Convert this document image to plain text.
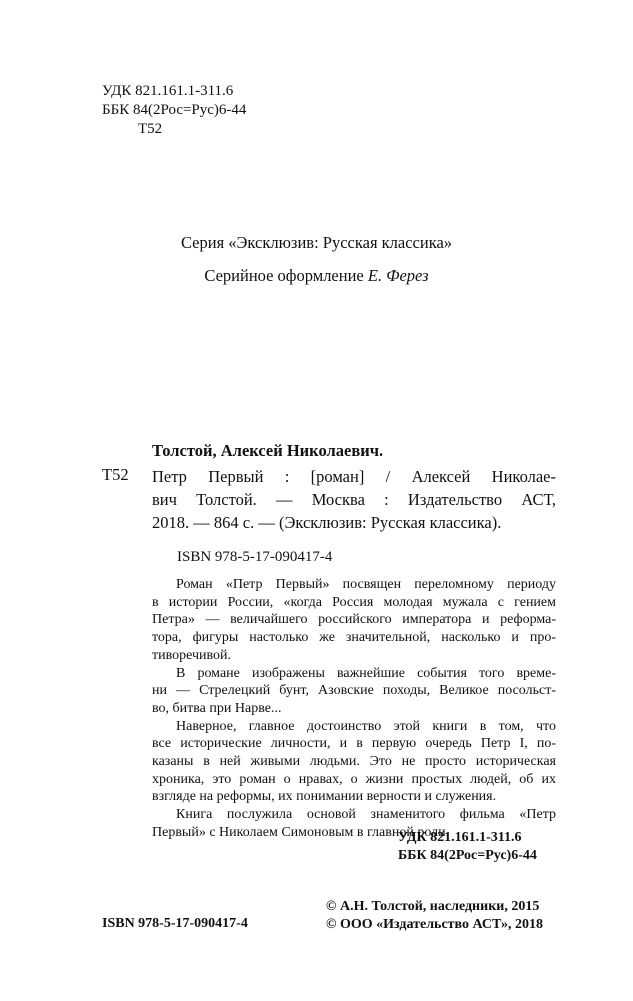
УДК 821.161.1-311.6
ББК 84(2Рос=Рус)6-44
Т52
Серия «Эксклюзив: Русская классика»
Серийное оформление Е. Ферез
Толстой, Алексей Николаевич.
Т52 Петр Первый : [роман] / Алексей Николае-
вич Толстой. — Москва : Издательство АСТ,
2018. — 864 с. — (Эксклюзив: Русская классика).
ISBN 978-5-17-090417-4
Роман «Петр Первый» посвящен переломному периоду
в истории России, «когда Россия молодая мужала с гением
Петра» — величайшего российского императора и реформа-
тора, фигуры настолько же значительной, насколько и про-
тиворечивой.
В романе изображены важнейшие события того време-
ни — Стрелецкий бунт, Азовские походы, Великое посольст-
во, битва при Нарве...
Наверное, главное достоинство этой книги в том, что
все исторические личности, и в первую очередь Петр I, по-
казаны в ней живыми людьми. Это не просто историческая
хроника, это роман о нравах, о жизни простых людей, об их
взгляде на реформы, их понимании верности и служения.
Книга послужила основой знаменитого фильма «Петр
Первый» с Николаем Симоновым в главной роли.
УДК 821.161.1-311.6
ББК 84(2Рос=Рус)6-44
© А.Н. Толстой, наследники, 2015
© ООО «Издательство АСТ», 2018
ISBN 978-5-17-090417-4
